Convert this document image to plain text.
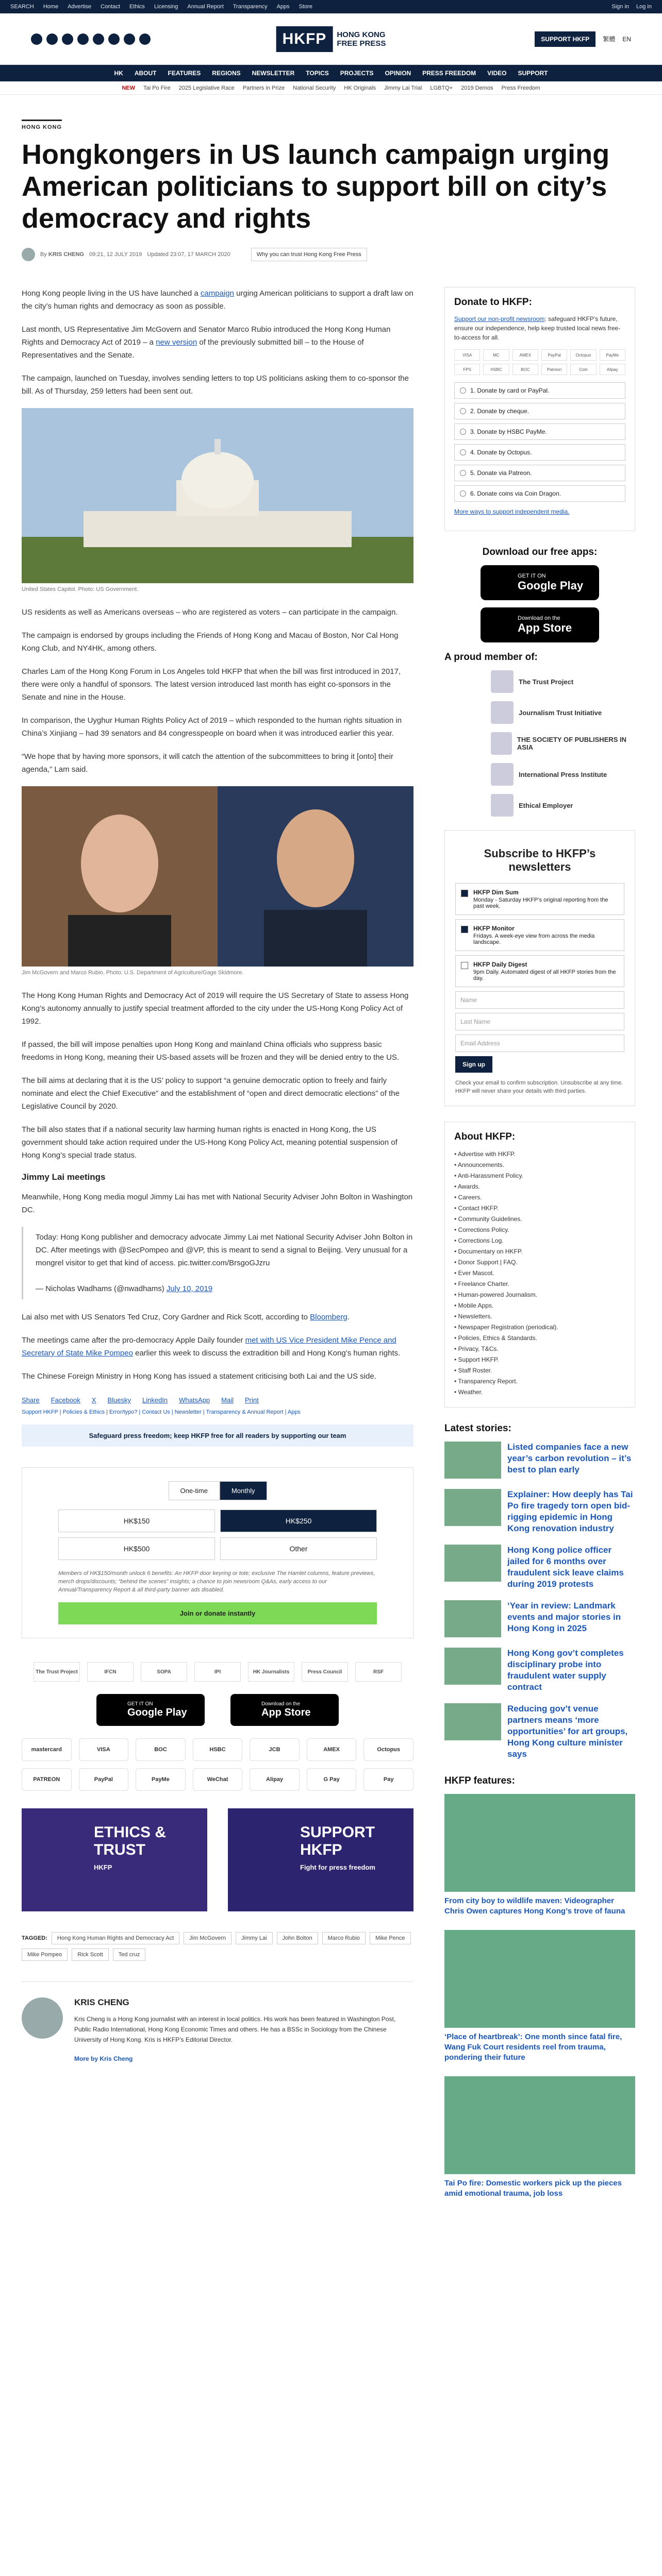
SEARCH Home Advertise Contact Ethics Licensing Annual Report Transparency Apps Store	Sign in Log in
HKFP	HONG KONG
FREE PRESS	SUPPORT HKFP	繁體 EN
HK ABOUT FEATURES REGIONS NEWSLETTER TOPICS PROJECTS OPINION PRESS FREEDOM VIDEO SUPPORT
NEW Tai Po Fire 2025 Legislative Race Partners in Prize National Security HK Originals Jimmy Lai Trial LGBTQ+ 2019 Demos Press Freedom
HONG KONG
Hongkongers in US launch campaign urging American politicians to support bill on city’s democracy and rights
By KRIS CHENG 09:21, 12 JULY 2019 Updated 23:07, 17 MARCH 2020	Why you can trust Hong Kong Free Press

Hong Kong people living in the US have launched a campaign urging American politicians to support a draft law on the city’s human rights and democracy as soon as possible.

Last month, US Representative Jim McGovern and Senator Marco Rubio introduced the Hong Kong Human Rights and Democracy Act of 2019 – a new version of the previously submitted bill – to the House of Representatives and the Senate.

The campaign, launched on Tuesday, involves sending letters to top US politicians asking them to co-sponsor the bill. As of Thursday, 259 letters had been sent out.

United States Capitol. Photo: US Government.

US residents as well as Americans overseas – who are registered as voters – can participate in the campaign.

The campaign is endorsed by groups including the Friends of Hong Kong and Macau of Boston, Nor Cal Hong Kong Club, and NY4HK, among others.

Charles Lam of the Hong Kong Forum in Los Angeles told HKFP that when the bill was first introduced in 2017, there were only a handful of sponsors. The latest version introduced last month has eight co-sponsors in the Senate and nine in the House.

In comparison, the Uyghur Human Rights Policy Act of 2019 – which responded to the human rights situation in China’s Xinjiang – had 39 senators and 84 congresspeople on board when it was introduced earlier this year.

“We hope that by having more sponsors, it will catch the attention of the subcommittees to bring it [onto] their agenda,” Lam said.

Jim McGovern and Marco Rubio. Photo: U.S. Department of Agriculture/Gage Skidmore.

The Hong Kong Human Rights and Democracy Act of 2019 will require the US Secretary of State to assess Hong Kong’s autonomy annually to justify special treatment afforded to the city under the US-Hong Kong Policy Act of 1992.

If passed, the bill will impose penalties upon Hong Kong and mainland China officials who suppress basic freedoms in Hong Kong, meaning their US-based assets will be frozen and they will be denied entry to the US.

The bill aims at declaring that it is the US’ policy to support “a genuine democratic option to freely and fairly nominate and elect the Chief Executive” and the establishment of “open and direct democratic elections” of the Legislative Council by 2020.

The bill also states that if a national security law harming human rights is enacted in Hong Kong, the US government should take action required under the US-Hong Kong Policy Act, meaning potential suspension of Hong Kong’s special trade status.

Jimmy Lai meetings

Meanwhile, Hong Kong media mogul Jimmy Lai has met with National Security Adviser John Bolton in Washington DC.

Today: Hong Kong publisher and democracy advocate Jimmy Lai met National Security Adviser John Bolton in DC. After meetings with @SecPompeo and @VP, this is meant to send a signal to Beijing. Very unusual for a mongrel visitor to get that kind of access. pic.twitter.com/BrsgoGJzru

— Nicholas Wadhams (@nwadhams) July 10, 2019

Lai also met with US Senators Ted Cruz, Cory Gardner and Rick Scott, according to Bloomberg.

The meetings came after the pro-democracy Apple Daily founder met with US Vice President Mike Pence and Secretary of State Mike Pompeo earlier this week to discuss the extradition bill and Hong Kong’s human rights.

The Chinese Foreign Ministry in Hong Kong has issued a statement criticising both Lai and the US side.

Share Facebook X Bluesky LinkedIn WhatsApp Mail Print
Support HKFP | Policies & Ethics | Error/typo? | Contact Us | Newsletter | Transparency & Annual Report | Apps
Safeguard press freedom; keep HKFP free for all readers by supporting our team
One-time	Monthly
HK$150	HK$250
HK$500	Other
Members of HK$150/month unlock 6 benefits: An HKFP door keyring or tote; exclusive The Hamlet columns, feature previews, merch drops/discounts; “behind the scenes” insights; a chance to join newsroom Q&As, early access to our Annual/Transparency Report & all third-party banner ads disabled.
Join or donate instantly
The Trust Project	IFCN	SOPA	IPI	HK Journalists	Press Council	RSF
GET IT ON
Google Play
Download on the
App Store
mastercard	VISA	BOC	HSBC	JCB	AMEX	Octopus
PATREON	PayPal	PayMe	WeChat	Alipay	G Pay	Pay
ETHICS & TRUST
HKFP
SUPPORT HKFP
Fight for press freedom
TAGGED:	Hong Kong Human Rights and Democracy Act	Jim McGovern	Jimmy Lai	John Bolton	Marco Rubio	Mike Pence
Mike Pompeo	Rick Scott	Ted cruz
KRIS CHENG

Kris Cheng is a Hong Kong journalist with an interest in local politics. His work has been featured in Washington Post, Public Radio International, Hong Kong Economic Times and others. He has a BSSc in Sociology from the Chinese University of Hong Kong. Kris is HKFP’s Editorial Director.

More by Kris Cheng
Donate to HKFP:

Support our non-profit newsroom: safeguard HKFP’s future, ensure our independence, help keep trusted local news free-to-access for all.

VISA	MC	AMEX	PayPal	Octopus	PayMe
FPS	HSBC	BOC	Patreon	Coin	Alipay
1. Donate by card or PayPal.
2. Donate by cheque.
3. Donate by HSBC PayMe.
4. Donate by Octopus.
5. Donate via Patreon.
6. Donate coins via Coin Dragon.

More ways to support independent media.

Download our free apps:
GET IT ON
Google Play
Download on the
App Store
A proud member of:
The Trust Project
Journalism Trust Initiative
THE SOCIETY OF PUBLISHERS IN ASIA
International Press Institute
Ethical Employer
Subscribe to HKFP’s newsletters
HKFP Dim Sum
Monday - Saturday HKFP’s original reporting from the past week.
HKFP Monitor
Fridays. A week-eye view from across the media landscape.
HKFP Daily Digest
9pm Daily. Automated digest of all HKFP stories from the day.
Name
Last Name
Email Address
Sign up

Check your email to confirm subscription. Unsubscribe at any time. HKFP will never share your details with third parties.

About HKFP:
• Advertise with HKFP.
• Announcements.
• Anti-Harassment Policy.
• Awards.
• Careers.
• Contact HKFP.
• Community Guidelines.
• Corrections Policy.
• Corrections Log.
• Documentary on HKFP.
• Donor Support | FAQ.
• Ever Mascot.
• Freelance Charter.
• Human-powered Journalism.
• Mobile Apps.
• Newsletters.
• Newspaper Registration (periodical).
• Policies, Ethics & Standards.
• Privacy, T&Cs.
• Support HKFP.
• Staff Roster.
• Transparency Report.
• Weather.
Latest stories:
Listed companies face a new year’s carbon revolution – it’s best to plan early
Explainer: How deeply has Tai Po fire tragedy torn open bid-rigging epidemic in Hong Kong renovation industry
Hong Kong police officer jailed for 6 months over fraudulent sick leave claims during 2019 protests
‘Year in review: Landmark events and major stories in Hong Kong in 2025
Hong Kong gov’t completes disciplinary probe into fraudulent water supply contract
Reducing gov’t venue partners means ‘more opportunities’ for art groups, Hong Kong culture minister says
HKFP features:
From city boy to wildlife maven: Videographer Chris Owen captures Hong Kong’s trove of fauna
‘Place of heartbreak’: One month since fatal fire, Wang Fuk Court residents reel from trauma, pondering their future
Tai Po fire: Domestic workers pick up the pieces amid emotional trauma, job loss
